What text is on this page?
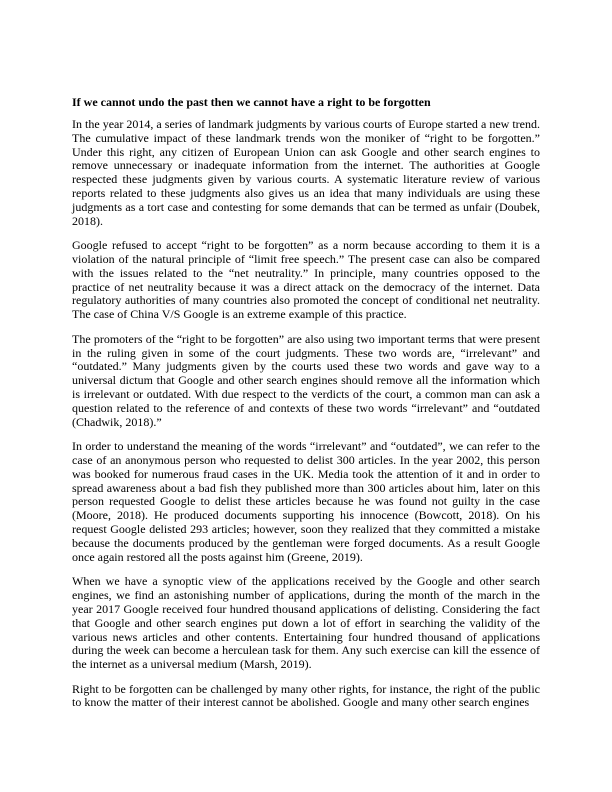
If we cannot undo the past then we cannot have a right to be forgotten

In the year 2014, a series of landmark judgments by various courts of Europe started a new trend. The cumulative impact of these landmark trends won the moniker of “right to be forgotten.” Under this right, any citizen of European Union can ask Google and other search engines to remove unnecessary or inadequate information from the internet. The authorities at Google respected these judgments given by various courts. A systematic literature review of various reports related to these judgments also gives us an idea that many individuals are using these judgments as a tort case and contesting for some demands that can be termed as unfair (Doubek, 2018).

Google refused to accept “right to be forgotten” as a norm because according to them it is a violation of the natural principle of “limit free speech.” The present case can also be compared with the issues related to the “net neutrality.” In principle, many countries opposed to the practice of net neutrality because it was a direct attack on the democracy of the internet. Data regulatory authorities of many countries also promoted the concept of conditional net neutrality. The case of China V/S Google is an extreme example of this practice.

The promoters of the “right to be forgotten” are also using two important terms that were present in the ruling given in some of the court judgments. These two words are, “irrelevant” and “outdated.” Many judgments given by the courts used these two words and gave way to a universal dictum that Google and other search engines should remove all the information which is irrelevant or outdated. With due respect to the verdicts of the court, a common man can ask a question related to the reference of and contexts of these two words “irrelevant” and “outdated (Chadwik, 2018).”

In order to understand the meaning of the words “irrelevant” and “outdated”, we can refer to the case of an anonymous person who requested to delist 300 articles. In the year 2002, this person was booked for numerous fraud cases in the UK. Media took the attention of it and in order to spread awareness about a bad fish they published more than 300 articles about him, later on this person requested Google to delist these articles because he was found not guilty in the case (Moore, 2018). He produced documents supporting his innocence (Bowcott, 2018). On his request Google delisted 293 articles; however, soon they realized that they committed a mistake because the documents produced by the gentleman were forged documents. As a result Google once again restored all the posts against him (Greene, 2019).

When we have a synoptic view of the applications received by the Google and other search engines, we find an astonishing number of applications, during the month of the march in the year 2017 Google received four hundred thousand applications of delisting. Considering the fact that Google and other search engines put down a lot of effort in searching the validity of the various news articles and other contents. Entertaining four hundred thousand of applications during the week can become a herculean task for them. Any such exercise can kill the essence of the internet as a universal medium (Marsh, 2019).

Right to be forgotten can be challenged by many other rights, for instance, the right of the public to know the matter of their interest cannot be abolished. Google and many other search engines
